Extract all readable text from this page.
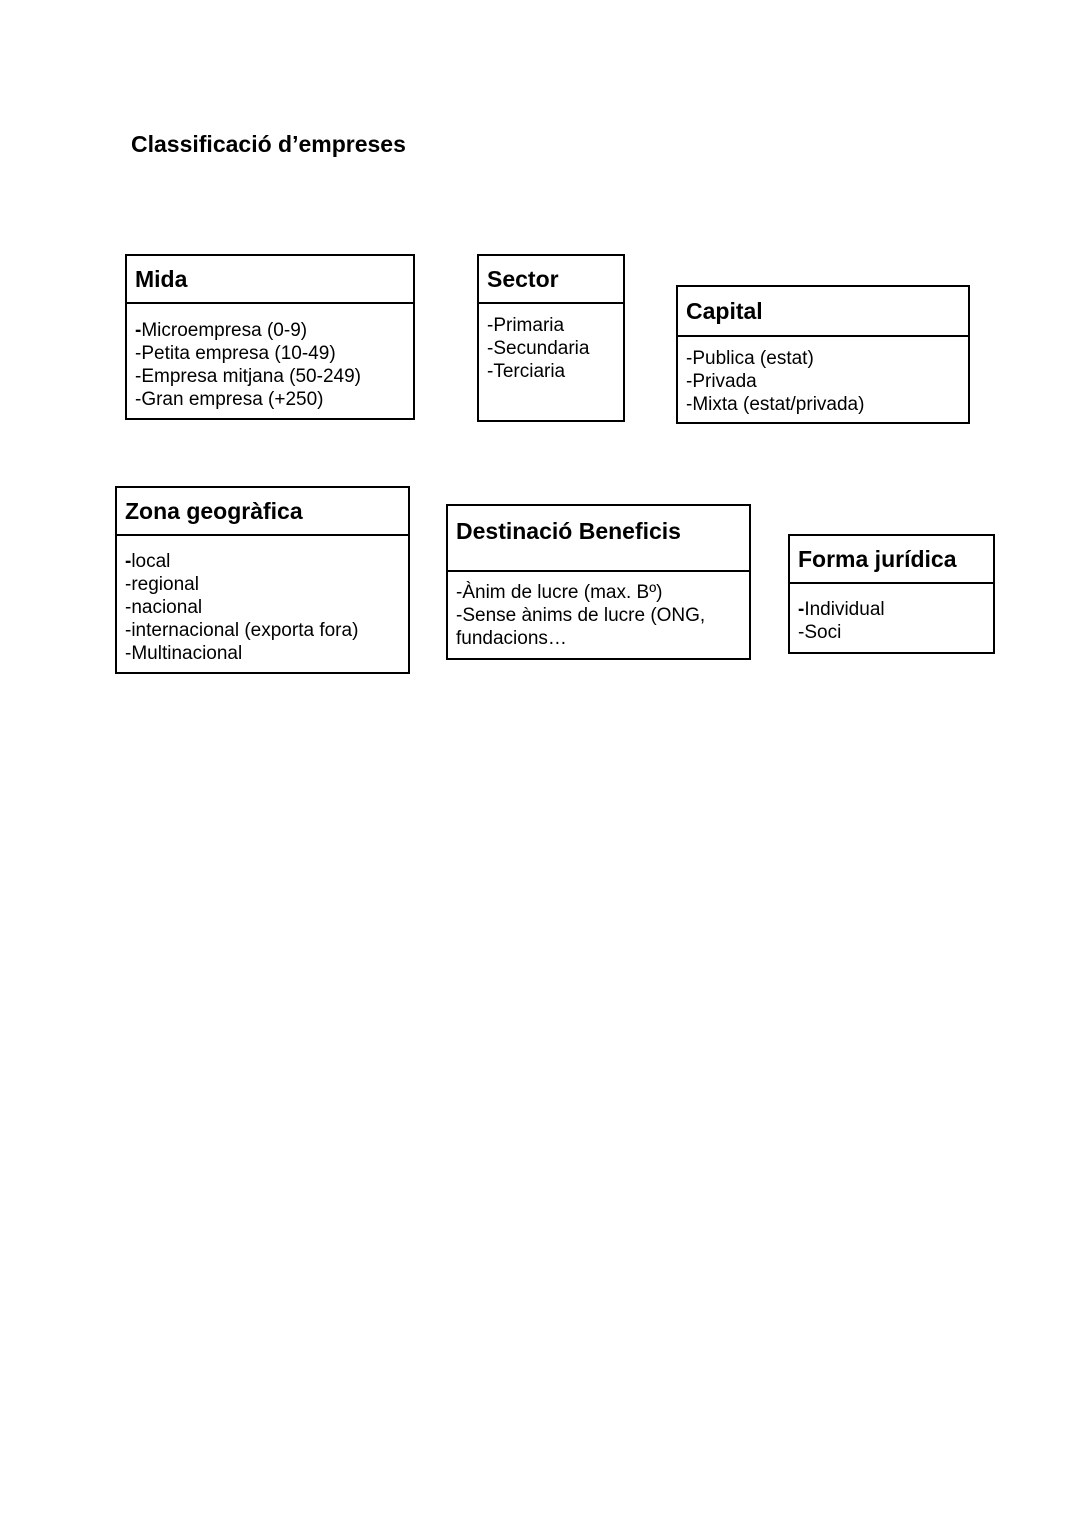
Classificació d’empreses
Mida
-Microempresa (0-9)
-Petita empresa (10-49)
-Empresa mitjana (50-249)
-Gran empresa (+250)
Sector
-Primaria
-Secundaria
-Terciaria
Capital
-Publica (estat)
-Privada
-Mixta (estat/privada)
Zona geogràfica
-local
-regional
-nacional
-internacional (exporta fora)
-Multinacional
Destinació Beneficis
-Ànim de lucre (max. Bº)
-Sense ànims de lucre (ONG, fundacions…
Forma jurídica
-Individual
-Soci
